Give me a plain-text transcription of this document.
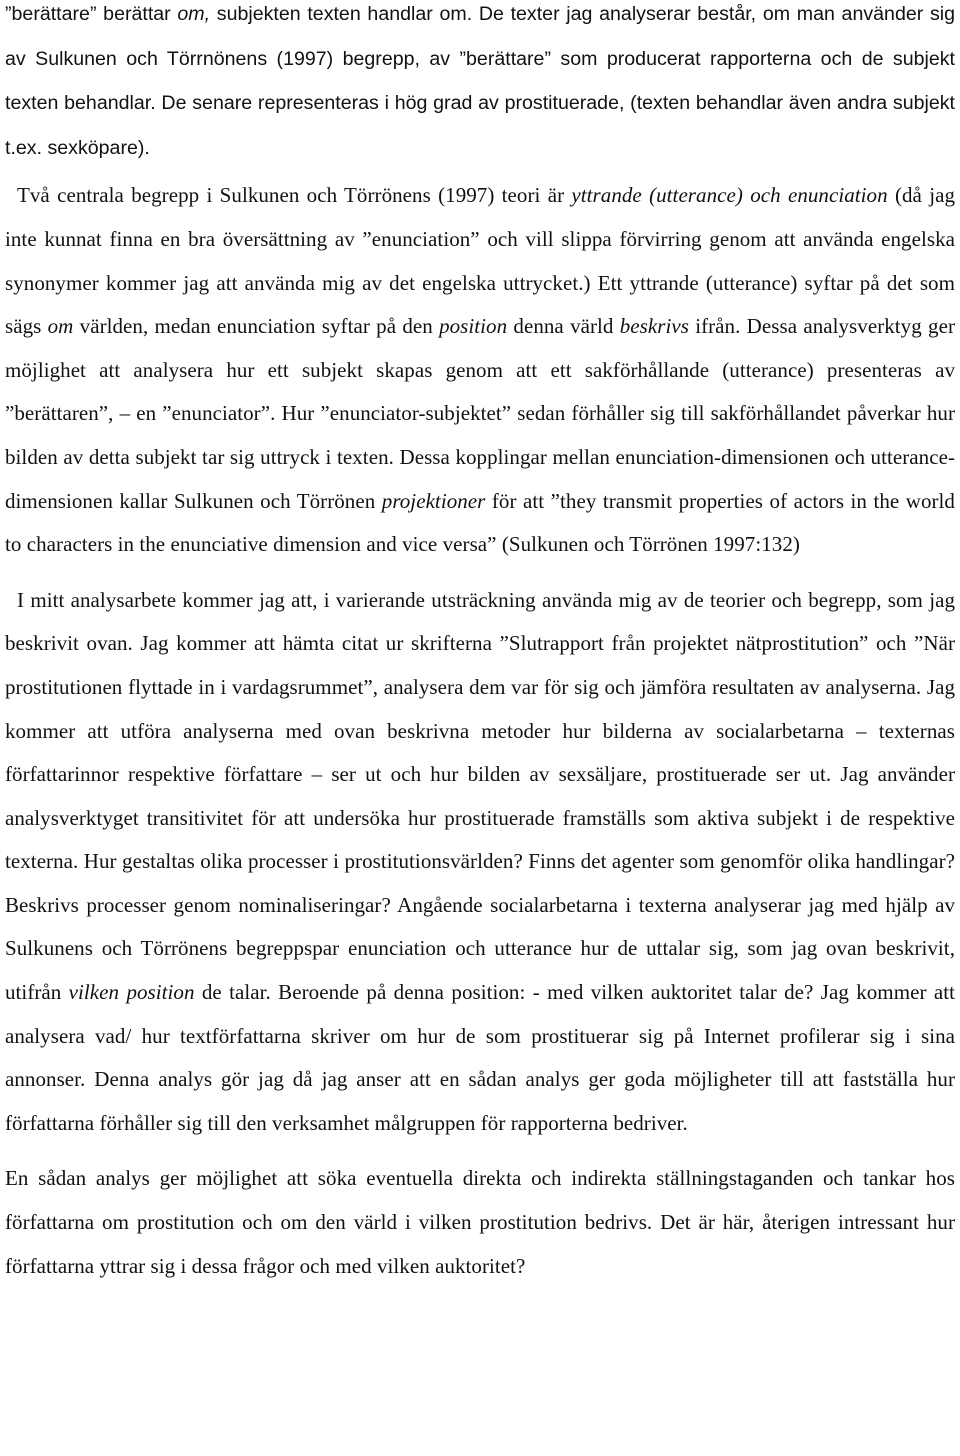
”berättare” berättar om, subjekten texten handlar om. De texter jag analyserar består, om man använder sig av Sulkunen och Törrnönens (1997) begrepp, av ”berättare” som producerat rapporterna och de subjekt texten behandlar. De senare representeras i hög grad av prostituerade, (texten behandlar även andra subjekt t.ex. sexköpare).

Två centrala begrepp i Sulkunen och Törrönens (1997) teori är yttrande (utterance) och enunciation (då jag inte kunnat finna en bra översättning av ”enunciation” och vill slippa förvirring genom att använda engelska synonymer kommer jag att använda mig av det engelska uttrycket.) Ett yttrande (utterance) syftar på det som sägs om världen, medan enunciation syftar på den position denna värld beskrivs ifrån. Dessa analysverktyg ger möjlighet att analysera hur ett subjekt skapas genom att ett sakförhållande (utterance) presenteras av ”berättaren”, – en ”enunciator”. Hur ”enunciator-subjektet” sedan förhåller sig till sakförhållandet påverkar hur bilden av detta subjekt tar sig uttryck i texten. Dessa kopplingar mellan enunciation-dimensionen och utterance-dimensionen kallar Sulkunen och Törrönen projektioner för att ”they transmit properties of actors in the world to characters in the enunciative dimension and vice versa” (Sulkunen och Törrönen 1997:132)

I mitt analysarbete kommer jag att, i varierande utsträckning använda mig av de teorier och begrepp, som jag beskrivit ovan. Jag kommer att hämta citat ur skrifterna ”Slutrapport från projektet nätprostitution” och ”När prostitutionen flyttade in i vardagsrummet”, analysera dem var för sig och jämföra resultaten av analyserna. Jag kommer att utföra analyserna med ovan beskrivna metoder hur bilderna av socialarbetarna – texternas författarinnor respektive författare – ser ut och hur bilden av sexsäljare, prostituerade ser ut. Jag använder analysverktyget transitivitet för att undersöka hur prostituerade framställs som aktiva subjekt i de respektive texterna. Hur gestaltas olika processer i prostitutionsvärlden? Finns det agenter som genomför olika handlingar? Beskrivs processer genom nominaliseringar? Angående socialarbetarna i texterna analyserar jag med hjälp av Sulkunens och Törrönens begreppspar enunciation och utterance hur de uttalar sig, som jag ovan beskrivit, utifrån vilken position de talar. Beroende på denna position: - med vilken auktoritet talar de? Jag kommer att analysera vad/ hur textförfattarna skriver om hur de som prostituerar sig på Internet profilerar sig i sina annonser. Denna analys gör jag då jag anser att en sådan analys ger goda möjligheter till att fastställa hur författarna förhåller sig till den verksamhet målgruppen för rapporterna bedriver.

En sådan analys ger möjlighet att söka eventuella direkta och indirekta ställningstaganden och tankar hos författarna om prostitution och om den värld i vilken prostitution bedrivs. Det är här, återigen intressant hur författarna yttrar sig i dessa frågor och med vilken auktoritet?
